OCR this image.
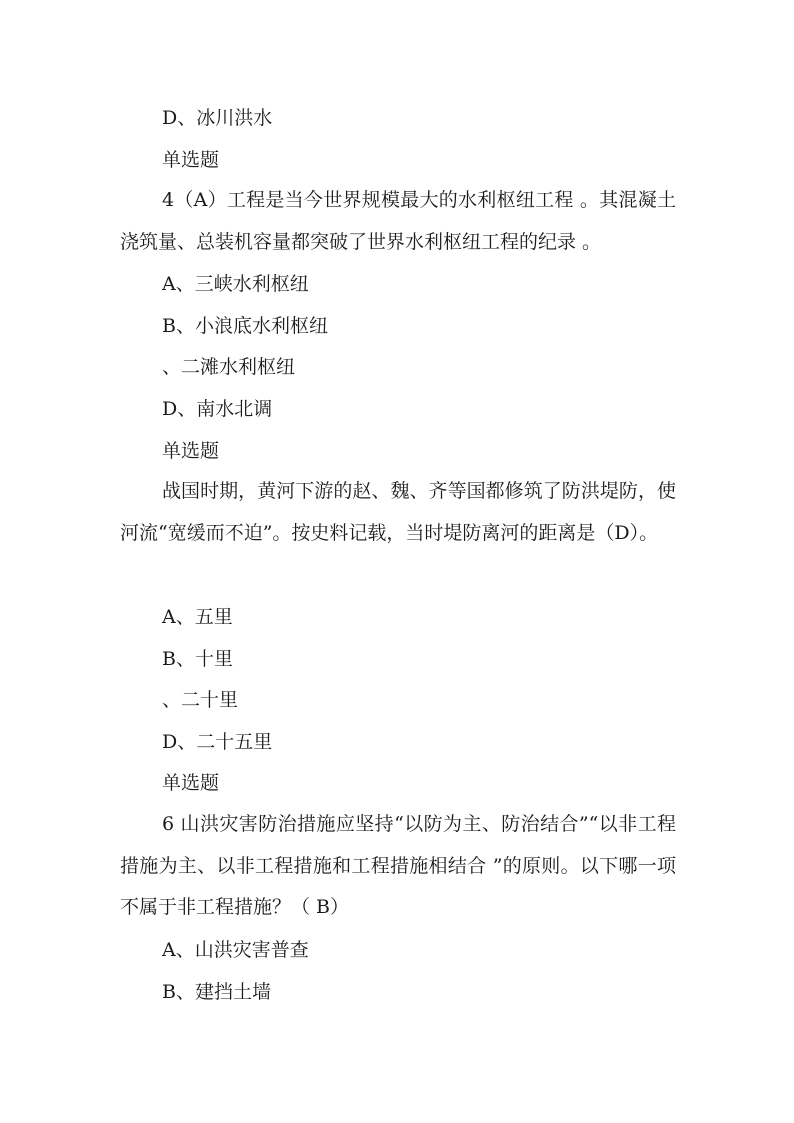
D、冰川洪水
单选题
4（A）工程是当今世界规模最大的水利枢纽工程 。其混凝土浇筑量、总装机容量都突破了世界水利枢纽工程的纪录 。
A、三峡水利枢纽
B、小浪底水利枢纽
、二滩水利枢纽
D、南水北调
单选题
战国时期，黄河下游的赵、魏、齐等国都修筑了防洪堤防，使河流“宽缓而不迫”。按史料记载，当时堤防离河的距离是（D）。
A、五里
B、十里
、二十里
D、二十五里
单选题
6 山洪灾害防治措施应坚持“以防为主、防治结合”“以非工程措施为主、以非工程措施和工程措施相结合 ”的原则。以下哪一项不属于非工程措施？（ B）
A、山洪灾害普查
B、建挡土墙
